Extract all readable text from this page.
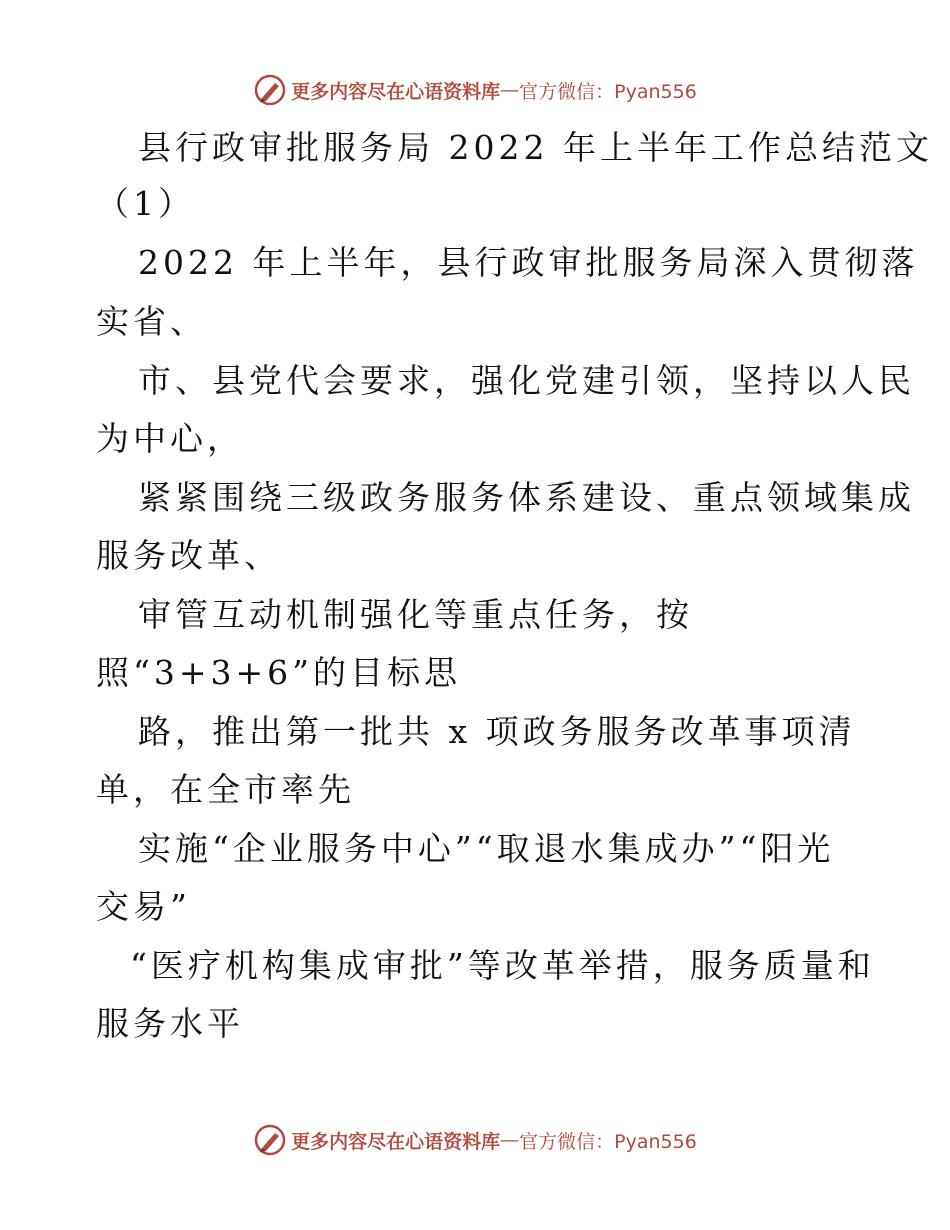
更多内容尽在心语资料库 — 官方微信：Pyan556
县行政审批服务局 2022 年上半年工作总结范文
（1）
2022 年上半年，县行政审批服务局深入贯彻落
实省、
市、县党代会要求，强化党建引领，坚持以人民
为中心，
紧紧围绕三级政务服务体系建设、重点领域集成
服务改革、
审管互动机制强化等重点任务，按
照“3+3+6”的目标思
路，推出第一批共 x 项政务服务改革事项清
单，在全市率先
实施“企业服务中心”“取退水集成办”“阳光
交易”
“医疗机构集成审批”等改革举措，服务质量和
服务水平
更多内容尽在心语资料库 — 官方微信：Pyan556
